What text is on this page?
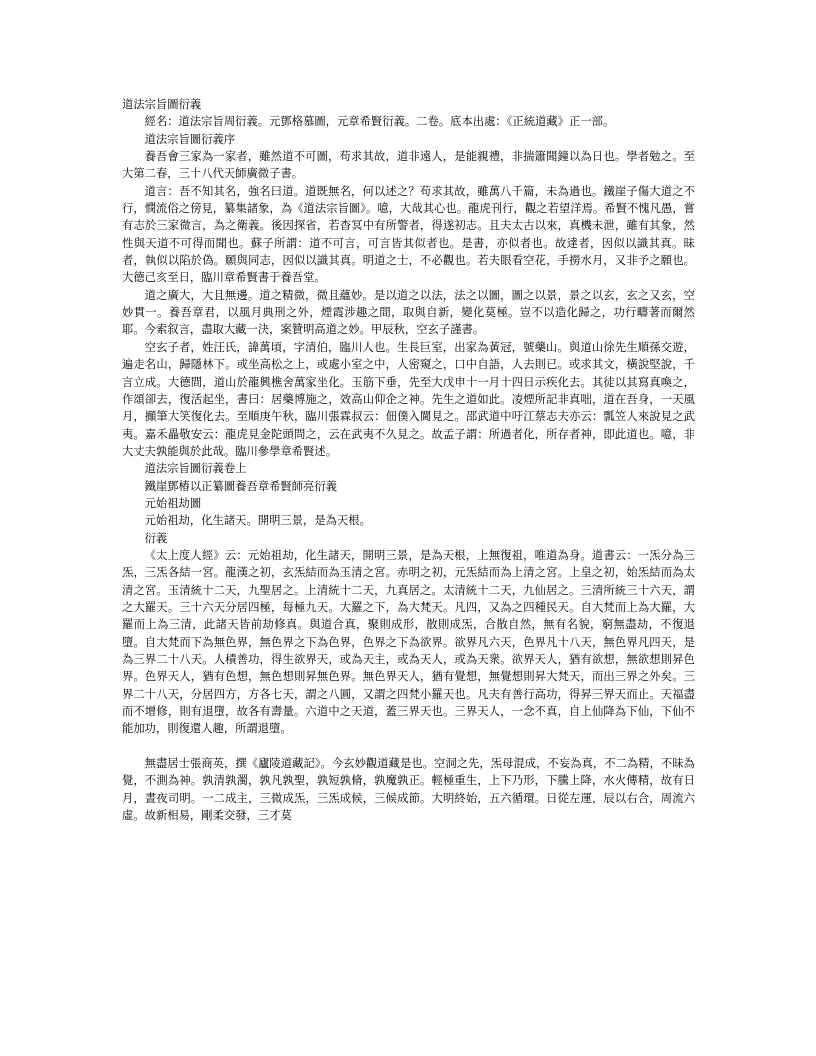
道法宗旨圖衍義

經名：道法宗旨周衍義。元鄧格慕圖，元章希賢衍義。二卷。底本出處：《正統道藏》正一部。

道法宗旨圖衍義序

養吾會三家為一家者，雖然道不可圖，苟求其故，道非遠人，是能親禮，非揣簫聞鐘以為日也。學者勉之。至大第二春，三十八代天師廣微子書。

道言：吾不知其名，強名曰道。道既無名，何以述之？苟求其故，雖萬八千篇，未為過也。鐵崖子傷大道之不行，憫流俗之傍見，纂集諸象，為《道法宗旨圖》。噫，大哉其心也。龍虎刊行，觀之若望洋焉。希賢不愧凡愚，嘗有志於三家微言，為之衛義。後因探省，若杳冥中有所警者，得遂初志。且夫太古以來，真機未泄，雖有其象，然性與天道不可得而聞也。蘇子所謂：道不可言，可言皆其似者也。是書，亦似者也。故達者，因似以識其真。昧者，執似以陷於偽。願與同志，因似以識其真。明道之士，不必觀也。若夫眼看空花，手撈水月，又非予之願也。大德己亥至日，臨川章希賢書于養吾堂。

道之廣大，大且無邊。道之精微，微且蘊妙。是以道之以法，法之以圖，圖之以景，景之以玄，玄之又玄，空妙貫一。養吾章君，以風月典刑之外，煙霞涉趣之間，取與自新，變化莫極。豈不以造化歸之，功行疇著而爾然耶。今索叙言，盡取大藏一決，案贊明高道之妙。甲辰秋，空玄子謹書。

空玄子者，姓汪氏，諱萬頃，字清伯，臨川人也。生長巨室，出家為黃冠，號藥山。與道山徐先生順孫交遊，遍走名山，歸隱林下。或坐高松之上，或處小室之中，人密窺之，口中自語，人去則已。或求其文，橫說堅說，千言立成。大德間，道山於龍興樵舍萬家坐化。玉筋下垂，先至大戊申十一月十四日示疾化去。其徒以其寫真喚之，作頌卻去，復活起坐，書曰：居藥博施之，效高山仰企之神。先生之道如此。凌煙所記非真咄，道在吾身，一天風月，攧筆大笑復化去。至順庚午秋，臨川張霖叔云：佃僕入閫見之。邵武道中吁江蔡志夫亦云：瓢笠人來說見之武夷。嘉禾畾敬安云：龍虎見金陀頭問之，云在武夷不久見之。故孟子謂：所過者化，所存者神，即此道也。噫，非大丈夫孰能與於此哉。臨川參學章希賢述。

道法宗旨圖衍義卷上

鐵崖鄧椿以正纂圖養吾章希賢師亮衍義

元始祖劫圖

元始祖劫，化生諸天。開明三景，是為天根。

衍義

《太上度人經》云：元始祖劫，化生諸天，開明三景，是為天根，上無復祖，唯道為身。道書云：一炁分為三炁，三炁各結一宮。龍漢之初，玄炁結而為玉清之宮。赤明之初，元炁結而為上清之宮。上皇之初，始炁結而為太清之宮。玉清統十二天，九聖居之。上清統十二天，九真居之。太清統十二天，九仙居之。三清所統三十六天，謂之大羅天。三十六天分居四極，每極九天。大羅之下，為大梵天。凡四，又為之四種民天。自大梵而上為大羅，大羅而上為三清，此諸天皆前劫修真。與道合真，聚則成形，散則成炁，合散自然，無有名貌，窮無盡劫，不復退墮。自大梵而下為無色界，無色界之下為色界，色界之下為欲界。欲界凡六天，色界凡十八天，無色界凡四天，是為三界二十八天。人積善功，得生欲界天，或為天主，或為天人，或為天衆。欲界天人，猶有欲想，無欲想則昇色界。色界天人，猶有色想，無色想則昇無色界。無色界天人，猶有覺想，無覺想則昇大梵天，而出三界之外矣。三界二十八天，分居四方，方各七天，謂之八圓，又謂之四梵小羅天也。凡夫有善行高功，得昇三界天而止。天福盡而不增修，則有退墮，故各有壽量。六道中之天道，蓋三界天也。三界天人，一念不真，自上仙降為下仙，下仙不能加功，則復還人趣，所謂退墮。

無盡居士張商英，撰《廬陵道藏記》。今玄妙觀道藏是也。空洞之先，炁母混成，不妄為真，不二為精，不昧為覺，不測為神。孰清孰濁，孰凡孰聖，孰短孰脩，孰魔孰正。輕極重生，上下乃形，下騰上降，水火傳精，故有日月，晝夜司明。一二成主，三微成炁，三炁成候，三候成節。大明終始，五六循環。日從左運，辰以右合，周流六虛。故新相易，剛柔交發，三才莫
